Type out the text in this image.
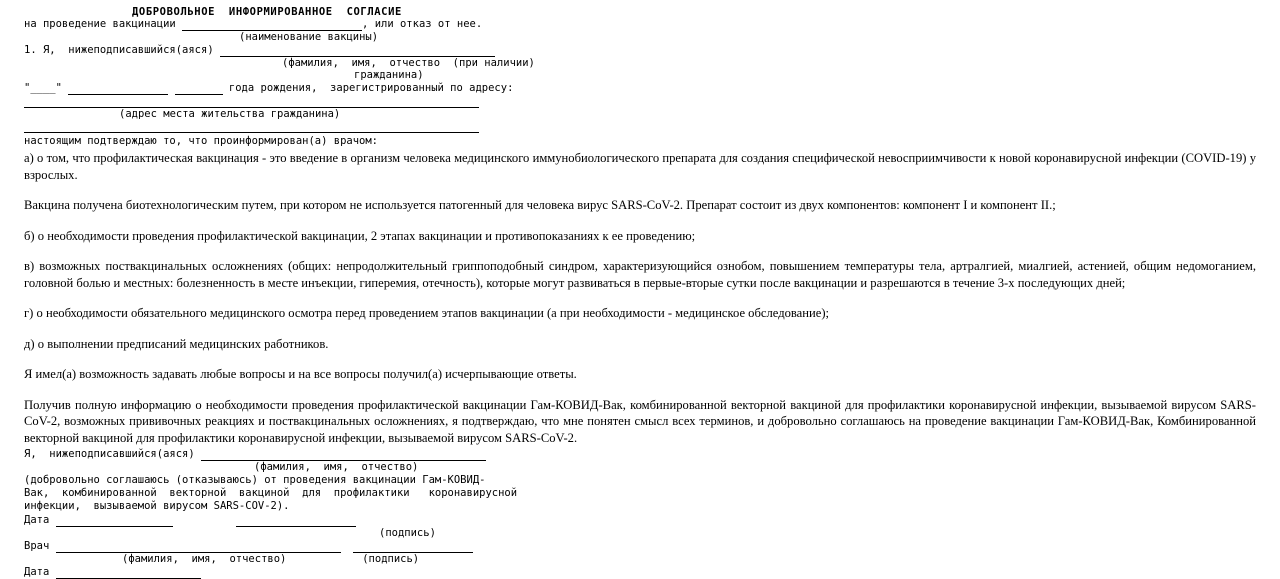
ДОБРОВОЛЬНОЕ  ИНФОРМИРОВАННОЕ  СОГЛАСИЕ
на проведение вакцинации	, или отказ от нее.
(наименование вакцины)
1. Я,  нижеподписавшийся(аяся)
(фамилия,  имя,  отчество  (при наличии)
гражданина)
"____"	года рождения,  зарегистрированный по адресу:
(адрес места жительства гражданина)
настоящим подтверждаю то, что проинформирован(а) врачом:

а) о том, что профилактическая вакцинация - это введение в организм человека медицинского иммунобиологического препарата для создания специфической невосприимчивости к новой коронавирусной инфекции (COVID-19) у взрослых.

Вакцина получена биотехнологическим путем, при котором не используется патогенный для человека вирус SARS-CoV-2. Препарат состоит из двух компонентов: компонент I и компонент II.;

б) о необходимости проведения профилактической вакцинации, 2 этапах вакцинации и противопоказаниях к ее проведению;

в) возможных поствакцинальных осложнениях (общих: непродолжительный гриппоподобный синдром, характеризующийся ознобом, повышением температуры тела, артралгией, миалгией, астенией, общим недомоганием, головной болью и местных: болезненность в месте инъекции, гиперемия, отечность), которые могут развиваться в первые-вторые сутки после вакцинации и разрешаются в течение 3-х последующих дней;

г) о необходимости обязательного медицинского осмотра перед проведением этапов вакцинации (а при необходимости - медицинское обследование);

д) о выполнении предписаний медицинских работников.

Я имел(а) возможность задавать любые вопросы и на все вопросы получил(а) исчерпывающие ответы.

Получив полную информацию о необходимости проведения профилактической вакцинации Гам-КОВИД-Вак, комбинированной векторной вакциной для профилактики коронавирусной инфекции, вызываемой вирусом SARS-CoV-2, возможных прививочных реакциях и поствакцинальных осложнениях, я подтверждаю, что мне понятен смысл всех терминов, и добровольно соглашаюсь на проведение вакцинации Гам-КОВИД-Вак, Комбинированной векторной вакциной для профилактики коронавирусной инфекции, вызываемой вирусом SARS-CoV-2.

Я,  нижеподписавшийся(аяся)
(фамилия,  имя,  отчество)
(добровольно соглашаюсь (отказываюсь) от проведения вакцинации Гам-КОВИД-
Вак,  комбинированной  векторной  вакциной  для  профилактики   коронавирусной
инфекции,  вызываемой вирусом SARS-COV-2).
Дата
(подпись)
Врач
(фамилия,  имя,  отчество)	(подпись)
Дата
